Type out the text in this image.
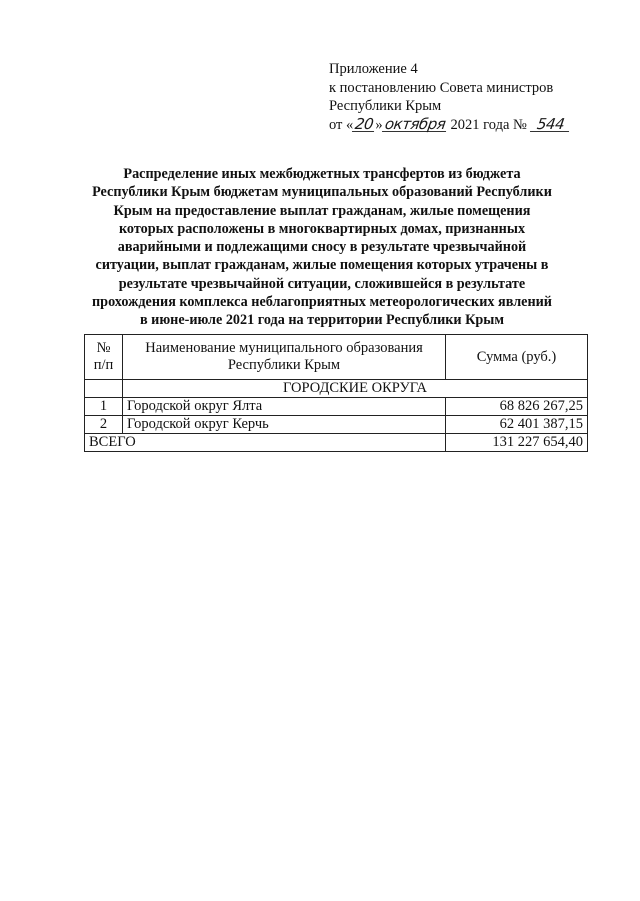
Приложение 4
к постановлению Совета министров
Республики Крым
от «20»октября 2021 года № 544
Распределение иных межбюджетных трансфертов из бюджета Республики Крым бюджетам муниципальных образований Республики Крым на предоставление выплат гражданам, жилые помещения которых расположены в многоквартирных домах, признанных аварийными и подлежащими сносу в результате чрезвычайной ситуации, выплат гражданам, жилые помещения которых утрачены в результате чрезвычайной ситуации, сложившейся в результате прохождения комплекса неблагоприятных метеорологических явлений в июне-июле 2021 года на территории Республики Крым
№ п/п	Наименование муниципального образования Республики Крым	Сумма (руб.)
	ГОРОДСКИЕ ОКРУГА	
1	Городской округ Ялта	68 826 267,25
2	Городской округ Керчь	62 401 387,15
ВСЕГО		131 227 654,40
